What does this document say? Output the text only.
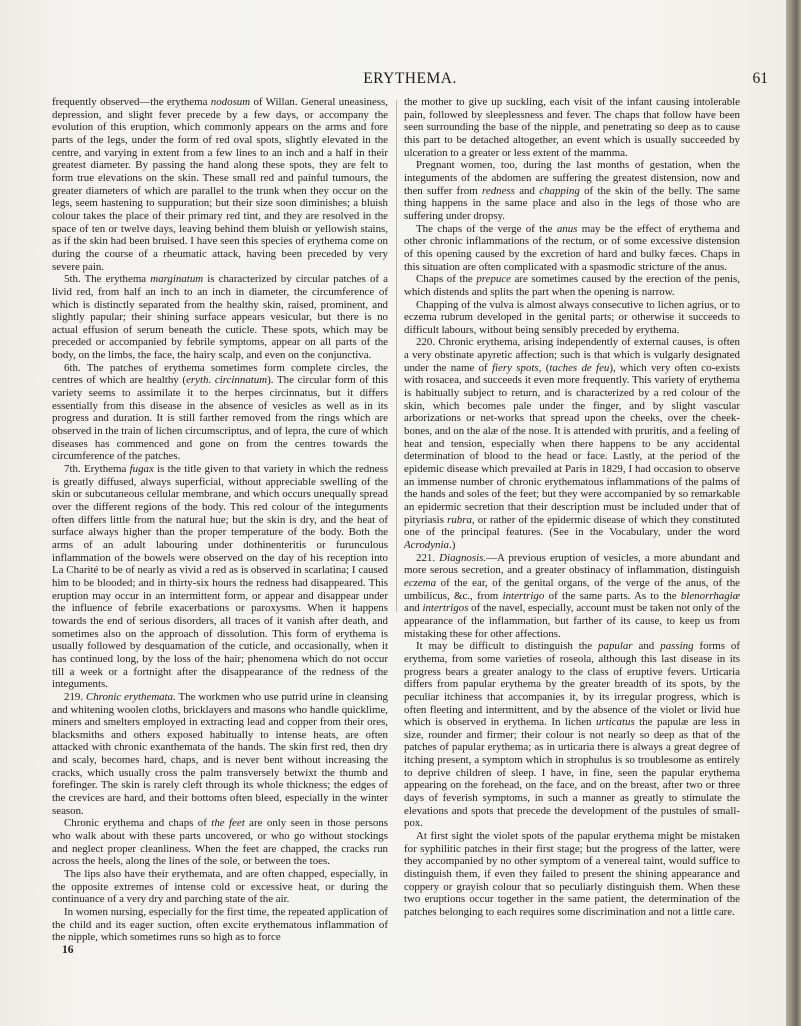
ERYTHEMA.	61

frequently observed—the erythema nodosum of Willan. General uneasiness, depression, and slight fever precede by a few days, or accompany the evolution of this eruption, which commonly appears on the arms and fore parts of the legs, under the form of red oval spots, slightly elevated in the centre, and varying in extent from a few lines to an inch and a half in their greatest diameter. By passing the hand along these spots, they are felt to form true elevations on the skin. These small red and painful tumours, the greater diameters of which are parallel to the trunk when they occur on the legs, seem hastening to suppuration; but their size soon diminishes; a bluish colour takes the place of their primary red tint, and they are resolved in the space of ten or twelve days, leaving behind them bluish or yellowish stains, as if the skin had been bruised. I have seen this species of erythema come on during the course of a rheumatic attack, having been preceded by very severe pain.

5th. The erythema marginatum is characterized by circular patches of a livid red, from half an inch to an inch in diameter, the circumference of which is distinctly separated from the healthy skin, raised, prominent, and slightly papular; their shining surface appears vesicular, but there is no actual effusion of serum beneath the cuticle. These spots, which may be preceded or accompanied by febrile symptoms, appear on all parts of the body, on the limbs, the face, the hairy scalp, and even on the conjunctiva.

6th. The patches of erythema sometimes form complete circles, the centres of which are healthy (eryth. circinnatum). The circular form of this variety seems to assimilate it to the herpes circinnatus, but it differs essentially from this disease in the absence of vesicles as well as in its progress and duration. It is still farther removed from the rings which are observed in the train of lichen circumscriptus, and of lepra, the cure of which diseases has commenced and gone on from the centres towards the circumference of the patches.

7th. Erythema fugax is the title given to that variety in which the redness is greatly diffused, always superficial, without appreciable swelling of the skin or subcutaneous cellular membrane, and which occurs unequally spread over the different regions of the body. This red colour of the integuments often differs little from the natural hue; but the skin is dry, and the heat of surface always higher than the proper temperature of the body. Both the arms of an adult labouring under dothinenteritis or furunculous inflammation of the bowels were observed on the day of his reception into La Charité to be of nearly as vivid a red as is observed in scarlatina; I caused him to be blooded; and in thirty-six hours the redness had disappeared. This eruption may occur in an intermittent form, or appear and disappear under the influence of febrile exacerbations or paroxysms. When it happens towards the end of serious disorders, all traces of it vanish after death, and sometimes also on the approach of dissolution. This form of erythema is usually followed by desquamation of the cuticle, and occasionally, when it has continued long, by the loss of the hair; phenomena which do not occur till a week or a fortnight after the disappearance of the redness of the integuments.

219. Chronic erythemata. The workmen who use putrid urine in cleansing and whitening woolen cloths, bricklayers and masons who handle quicklime, miners and smelters employed in extracting lead and copper from their ores, blacksmiths and others exposed habitually to intense heats, are often attacked with chronic exanthemata of the hands. The skin first red, then dry and scaly, becomes hard, chaps, and is never bent without increasing the cracks, which usually cross the palm transversely betwixt the thumb and forefinger. The skin is rarely cleft through its whole thickness; the edges of the crevices are hard, and their bottoms often bleed, especially in the winter season.

Chronic erythema and chaps of the feet are only seen in those persons who walk about with these parts uncovered, or who go without stockings and neglect proper cleanliness. When the feet are chapped, the cracks run across the heels, along the lines of the sole, or between the toes.

The lips also have their erythemata, and are often chapped, especially, in the opposite extremes of intense cold or excessive heat, or during the continuance of a very dry and parching state of the air.

In women nursing, especially for the first time, the repeated application of the child and its eager suction, often excite erythematous inflammation of the nipple, which sometimes runs so high as to force

the mother to give up suckling, each visit of the infant causing intolerable pain, followed by sleeplessness and fever. The chaps that follow have been seen surrounding the base of the nipple, and penetrating so deep as to cause this part to be detached altogether, an event which is usually succeeded by ulceration to a greater or less extent of the mamma.

Pregnant women, too, during the last months of gestation, when the integuments of the abdomen are suffering the greatest distension, now and then suffer from redness and chapping of the skin of the belly. The same thing happens in the same place and also in the legs of those who are suffering under dropsy.

The chaps of the verge of the anus may be the effect of erythema and other chronic inflammations of the rectum, or of some excessive distension of this opening caused by the excretion of hard and bulky fæces. Chaps in this situation are often complicated with a spasmodic stricture of the anus.

Chaps of the prepuce are sometimes caused by the erection of the penis, which distends and splits the part when the opening is narrow.

Chapping of the vulva is almost always consecutive to lichen agrius, or to eczema rubrum developed in the genital parts; or otherwise it succeeds to difficult labours, without being sensibly preceded by erythema.

220. Chronic erythema, arising independently of external causes, is often a very obstinate apyretic affection; such is that which is vulgarly designated under the name of fiery spots, (taches de feu), which very often co-exists with rosacea, and succeeds it even more frequently. This variety of erythema is habitually subject to return, and is characterized by a red colour of the skin, which becomes pale under the finger, and by slight vascular arborizations or net-works that spread upon the cheeks, over the cheek-bones, and on the alæ of the nose. It is attended with pruritis, and a feeling of heat and tension, especially when there happens to be any accidental determination of blood to the head or face. Lastly, at the period of the epidemic disease which prevailed at Paris in 1829, I had occasion to observe an immense number of chronic erythematous inflammations of the palms of the hands and soles of the feet; but they were accompanied by so remarkable an epidermic secretion that their description must be included under that of pityriasis rubra, or rather of the epidermic disease of which they constituted one of the principal features. (See in the Vocabulary, under the word Acrodynia.)

221. Diagnosis.—A previous eruption of vesicles, a more abundant and more serous secretion, and a greater obstinacy of inflammation, distinguish eczema of the ear, of the genital organs, of the verge of the anus, of the umbilicus, &c., from intertrigo of the same parts. As to the blenorrhagiæ and intertrigos of the navel, especially, account must be taken not only of the appearance of the inflammation, but farther of its cause, to keep us from mistaking these for other affections.

It may be difficult to distinguish the papular and passing forms of erythema, from some varieties of roseola, although this last disease in its progress bears a greater analogy to the class of eruptive fevers. Urticaria differs from papular erythema by the greater breadth of its spots, by the peculiar itchiness that accompanies it, by its irregular progress, which is often fleeting and intermittent, and by the absence of the violet or livid hue which is observed in erythema. In lichen urticatus the papulæ are less in size, rounder and firmer; their colour is not nearly so deep as that of the patches of papular erythema; as in urticaria there is always a great degree of itching present, a symptom which in strophulus is so troublesome as entirely to deprive children of sleep. I have, in fine, seen the papular erythema appearing on the forehead, on the face, and on the breast, after two or three days of feverish symptoms, in such a manner as greatly to stimulate the elevations and spots that precede the development of the pustules of small-pox.

At first sight the violet spots of the papular erythema might be mistaken for syphilitic patches in their first stage; but the progress of the latter, were they accompanied by no other symptom of a venereal taint, would suffice to distinguish them, if even they failed to present the shining appearance and coppery or grayish colour that so peculiarly distinguish them. When these two eruptions occur together in the same patient, the determination of the patches belonging to each requires some discrimination and not a little care.

16
